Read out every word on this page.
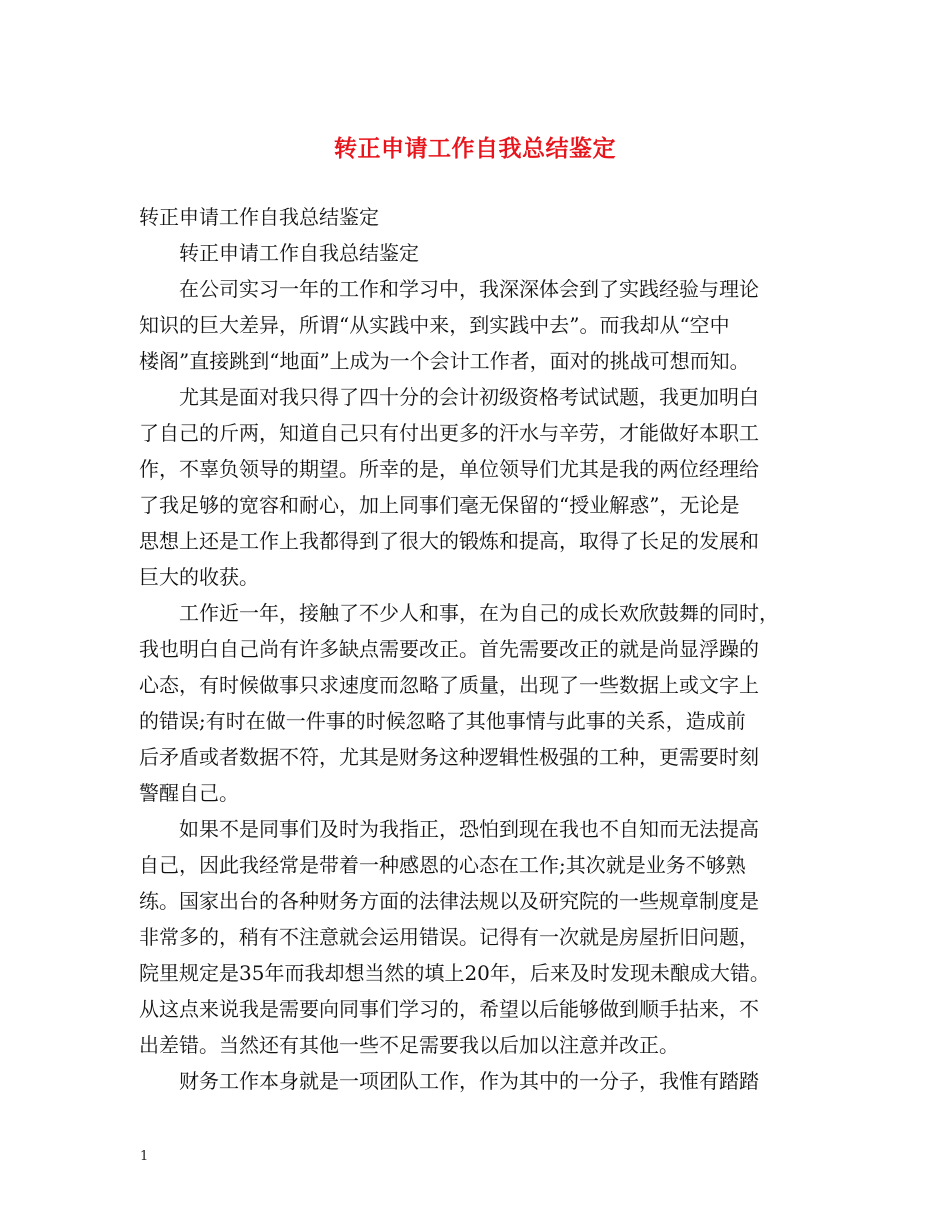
转正申请工作自我总结鉴定
转正申请工作自我总结鉴定
　　转正申请工作自我总结鉴定
　　在公司实习一年的工作和学习中，我深深体会到了实践经验与理论
知识的巨大差异，所谓“从实践中来，到实践中去”。而我却从“空中
楼阁”直接跳到“地面”上成为一个会计工作者，面对的挑战可想而知。
　　尤其是面对我只得了四十分的会计初级资格考试试题，我更加明白
了自己的斤两，知道自己只有付出更多的汗水与辛劳，才能做好本职工
作，不辜负领导的期望。所幸的是，单位领导们尤其是我的两位经理给
了我足够的宽容和耐心，加上同事们毫无保留的“授业解惑”，无论是
思想上还是工作上我都得到了很大的锻炼和提高，取得了长足的发展和
巨大的收获。
　　工作近一年，接触了不少人和事，在为自己的成长欢欣鼓舞的同时，
我也明白自己尚有许多缺点需要改正。首先需要改正的就是尚显浮躁的
心态，有时候做事只求速度而忽略了质量，出现了一些数据上或文字上
的错误;有时在做一件事的时候忽略了其他事情与此事的关系，造成前
后矛盾或者数据不符，尤其是财务这种逻辑性极强的工种，更需要时刻
警醒自己。
　　如果不是同事们及时为我指正，恐怕到现在我也不自知而无法提高
自己，因此我经常是带着一种感恩的心态在工作;其次就是业务不够熟
练。国家出台的各种财务方面的法律法规以及研究院的一些规章制度是
非常多的，稍有不注意就会运用错误。记得有一次就是房屋折旧问题，
院里规定是35年而我却想当然的填上20年，后来及时发现未酿成大错。
从这点来说我是需要向同事们学习的，希望以后能够做到顺手拈来，不
出差错。当然还有其他一些不足需要我以后加以注意并改正。
　　财务工作本身就是一项团队工作，作为其中的一分子，我惟有踏踏
1
